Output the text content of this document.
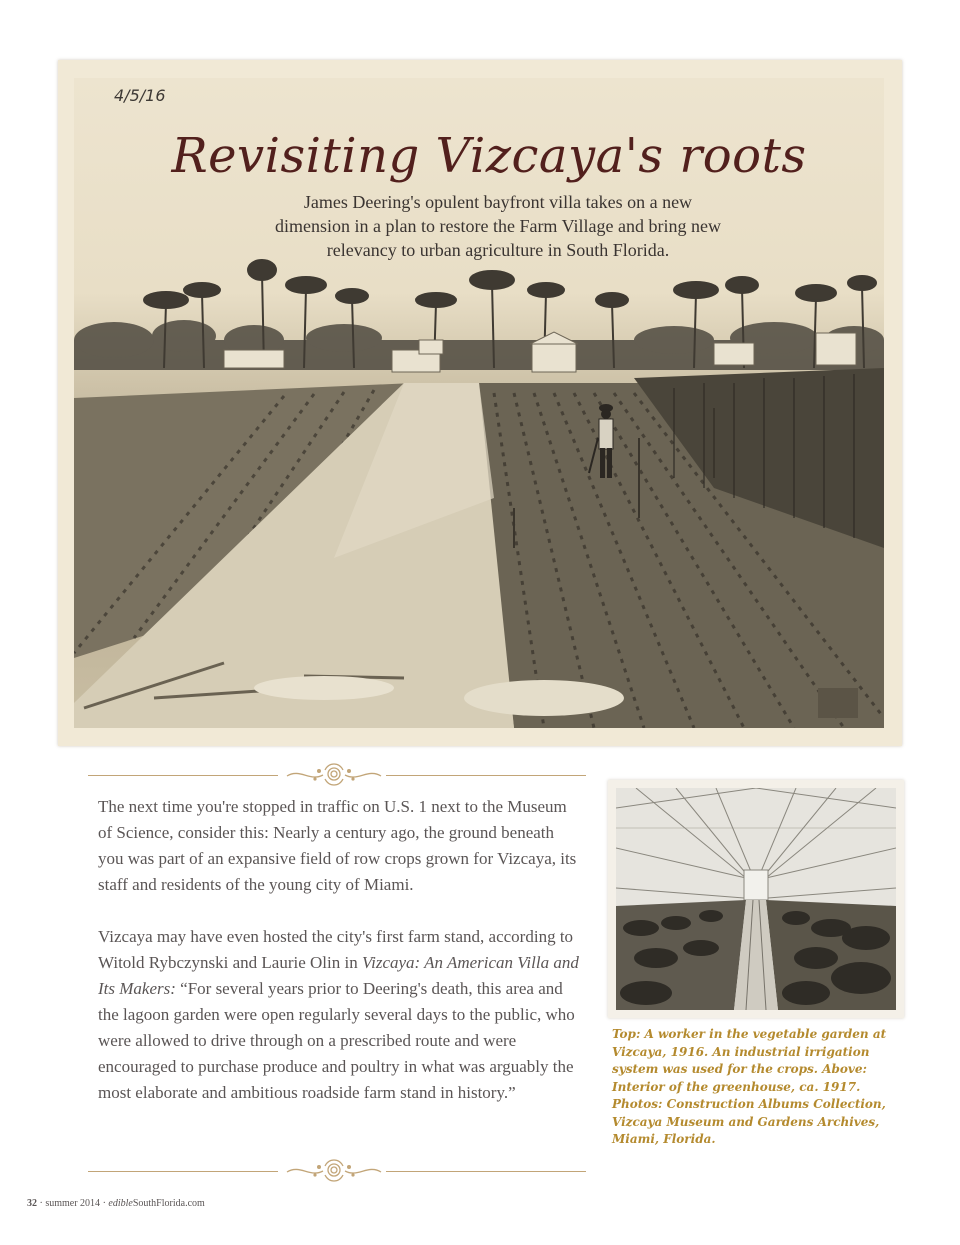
4/5/16
Revisiting Vizcaya's roots
James Deering's opulent bayfront villa takes on a new dimension in a plan to restore the Farm Village and bring new relevancy to urban agriculture in South Florida.

The next time you're stopped in traffic on U.S. 1 next to the Museum of Science, consider this: Nearly a century ago, the ground beneath you was part of an expansive field of row crops grown for Vizcaya, its staff and residents of the young city of Miami.

Vizcaya may have even hosted the city's first farm stand, according to Witold Rybczynski and Laurie Olin in Vizcaya: An American Villa and Its Makers: “For several years prior to Deering's death, this area and the lagoon garden were open regularly several days to the public, who were allowed to drive through on a prescribed route and were encouraged to purchase produce and poultry in what was arguably the most elaborate and ambitious roadside farm stand in history.”

Top: A worker in the vegetable garden at Vizcaya, 1916. An industrial irrigation system was used for the crops. Above: Interior of the greenhouse, ca. 1917. Photos: Construction Albums Collection, Vizcaya Museum and Gardens Archives, Miami, Florida.
32 · summer 2014 · edibleSouthFlorida.com
